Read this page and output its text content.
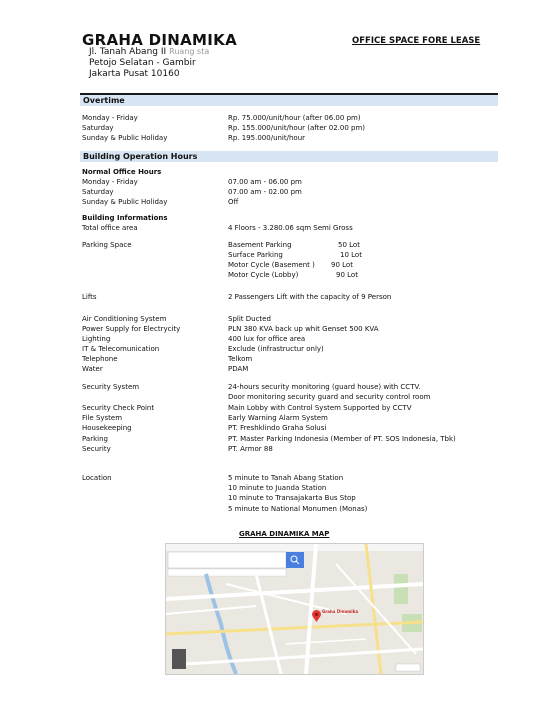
GRAHA DINAMIKA	OFFICE SPACE FORE LEASE
Jl. Tanah Abang II Ruang sta
Petojo Selatan - Gambir
Jakarta Pusat 10160
Overtime
Monday - Friday	Rp. 75.000/unit/hour (after 06.00 pm)
Saturday	Rp. 155.000/unit/hour (after 02.00 pm)
Sunday & Public Holiday	Rp. 195.000/unit/hour
Building Operation Hours
Normal Office Hours
Monday - Friday	07.00 am - 06.00 pm
Saturday	07.00 am - 02.00 pm
Sunday & Public Holiday	Off
Building Informations
Total office area	4 Floors - 3.280.06 sqm Semi Gross
Parking Space	Basement Parking	50 Lot
Surface Parking	10 Lot
Motor Cycle (Basement ) 90 Lot
Motor Cycle (Lobby)	90 Lot
Lifts	2 Passengers Lift with the capacity of 9 Person
Air Conditioning System	Split Ducted
Power Supply for Electrycity	PLN 380 KVA back up whit Genset 500 KVA
Lighting	400 lux for office area
IT & Telecomunication	Exclude (infrastructur only)
Telephone	Telkom
Water	PDAM
Security System	24-hours security monitoring (guard house) with CCTV.
Door monitoring security guard and security control room
Security Check Point	Main Lobby with Control System Supported by CCTV
File System	Early Warning Alarm System
Housekeeping	PT. Freshklindo Graha Solusi
Parking	PT. Master Parking Indonesia (Member of PT. SOS Indonesia, Tbk)
Security	PT. Armor 88
Location	5 minute to Tanah Abang Station
10 minute to Juanda Station
10 minute to Transajakarta Bus Stop
5 minute to National Monumen (Monas)
GRAHA DINAMIKA MAP
Graha Dinamika
